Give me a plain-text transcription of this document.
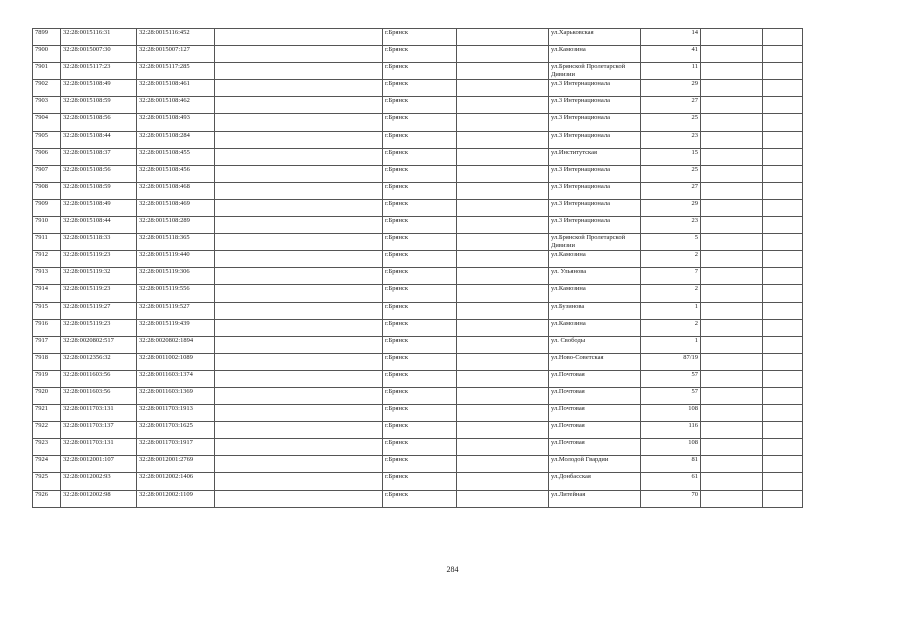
7899	32:28:0015116:31	32:28:0015116:452		г.Брянск		ул.Харьковская	14		
7900	32:28:0015007:30	32:28:0015007:127		г.Брянск		ул.Камозина	41		
7901	32:28:0015117:23	32:28:0015117:285		г.Брянск		ул.Брянской Пролетарской Дивизии	11		
7902	32:28:0015108:49	32:28:0015108:461		г.Брянск		ул.3 Интернационала	29		
7903	32:28:0015108:59	32:28:0015108:462		г.Брянск		ул.3 Интернационала	27		
7904	32:28:0015108:56	32:28:0015108:493		г.Брянск		ул.3 Интернационала	25		
7905	32:28:0015108:44	32:28:0015108:284		г.Брянск		ул.3 Интернационала	23		
7906	32:28:0015108:37	32:28:0015108:455		г.Брянск		ул.Институтская	15		
7907	32:28:0015108:56	32:28:0015108:456		г.Брянск		ул.3 Интернационала	25		
7908	32:28:0015108:59	32:28:0015108:468		г.Брянск		ул.3 Интернационала	27		
7909	32:28:0015108:49	32:28:0015108:469		г.Брянск		ул.3 Интернационала	29		
7910	32:28:0015108:44	32:28:0015108:289		г.Брянск		ул.3 Интернационала	23		
7911	32:28:0015118:33	32:28:0015118:365		г.Брянск		ул.Брянской Пролетарской Дивизии	5		
7912	32:28:0015119:23	32:28:0015119:440		г.Брянск		ул.Камозина	2		
7913	32:28:0015119:32	32:28:0015119:306		г.Брянск		ул. Ульянова	7		
7914	32:28:0015119:23	32:28:0015119:556		г.Брянск		ул.Камозина	2		
7915	32:28:0015119:27	32:28:0015119:527		г.Брянск		ул.Бузинова	1		
7916	32:28:0015119:23	32:28:0015119:439		г.Брянск		ул.Камозина	2		
7917	32:28:0020802:517	32:28:0020802:1894		г.Брянск		ул. Свободы	1		
7918	32:28:0012356:32	32:28:0011002:1089		г.Брянск		ул.Ново-Советская	87/19		
7919	32:28:0011603:56	32:28:0011603:1374		г.Брянск		ул.Почтовая	57		
7920	32:28:0011603:56	32:28:0011603:1369		г.Брянск		ул.Почтовая	57		
7921	32:28:0011703:131	32:28:0011703:1913		г.Брянск		ул.Почтовая	108		
7922	32:28:0011703:137	32:28:0011703:1625		г.Брянск		ул.Почтовая	116		
7923	32:28:0011703:131	32:28:0011703:1917		г.Брянск		ул.Почтовая	108		
7924	32:28:0012001:107	32:28:0012001:2769		г.Брянск		ул.Молодой Гвардии	81		
7925	32:28:0012002:93	32:28:0012002:1406		г.Брянск		ул.Донбасская	61		
7926	32:28:0012002:98	32:28:0012002:1109		г.Брянск		ул.Литейная	70		
284
